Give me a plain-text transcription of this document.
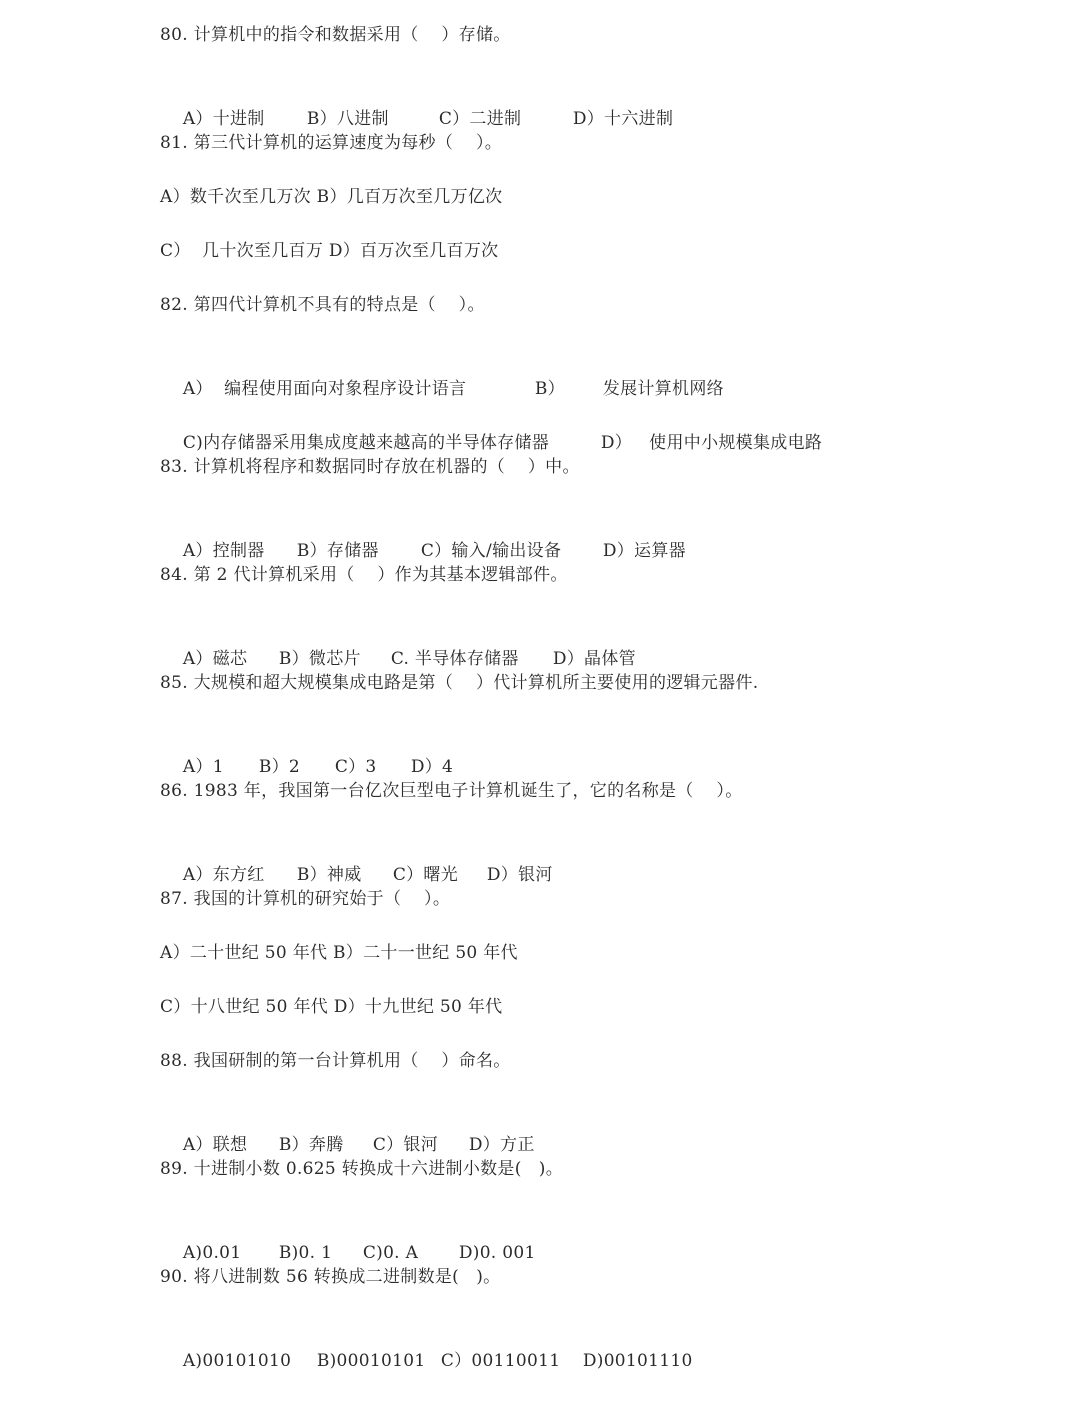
80. 计算机中的指令和数据采用（    ）存储。

A）十进制 B）八进制	C）二进制	D）十六进制

81. 第三代计算机的运算速度为每秒（    ）。
A）数千次至几万次 B）几百万次至几万亿次
C）  几十次至几百万 D）百万次至几百万次
82. 第四代计算机不具有的特点是（    ）。

A）  编程使用面向对象程序设计语言	B） 发展计算机网络

C)内存储器采用集成度越来越高的半导体存储器	D）   使用中小规模集成电路

83. 计算机将程序和数据同时存放在机器的（    ）中。

A）控制器 B）存储器 C）输入/输出设备 D）运算器

84. 第 2 代计算机采用（    ）作为其基本逻辑部件。

A）磁芯 B）微芯片 C. 半导体存储器 D）晶体管

85. 大规模和超大规模集成电路是第（    ）代计算机所主要使用的逻辑元器件.

A）1 B）2 C）3 D）4

86. 1983 年，我国第一台亿次巨型电子计算机诞生了，它的名称是（    ）。

A）东方红 B）神威 C）曙光 D）银河

87. 我国的计算机的研究始于（    ）。
A）二十世纪 50 年代 B）二十一世纪 50 年代
C）十八世纪 50 年代 D）十九世纪 50 年代
88. 我国研制的第一台计算机用（    ）命名。

A）联想 B）奔腾 C）银河 D）方正

89. 十进制小数 0.625 转换成十六进制小数是(   )。

A)0.01 B)0. 1 C)0. A D)0. 001

90. 将八进制数 56 转换成二进制数是(   )。

A)00101010 B)00010101 C）00110011 D)00101110
